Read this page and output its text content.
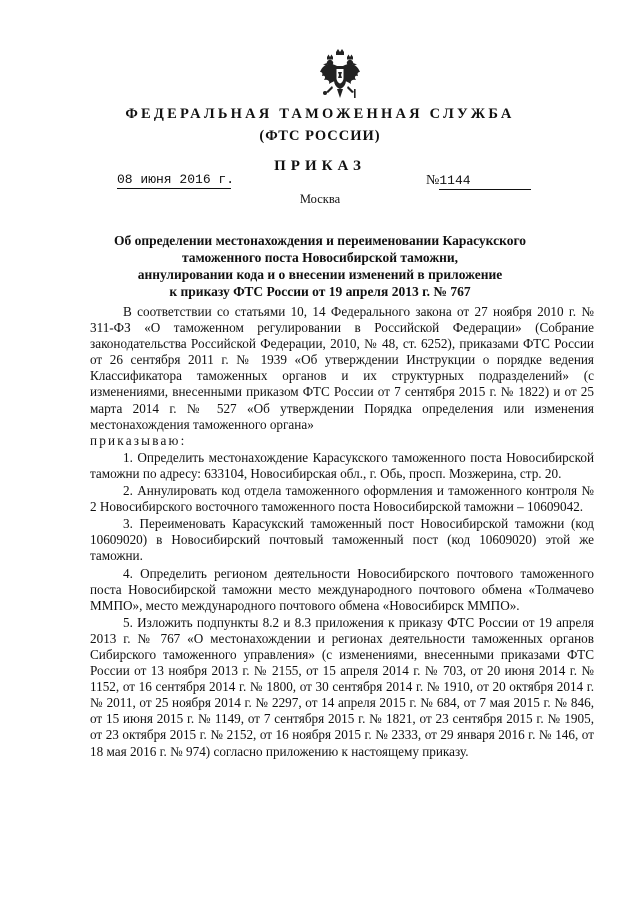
ФЕДЕРАЛЬНАЯ ТАМОЖЕННАЯ СЛУЖБА
(ФТС РОССИИ)
ПРИКАЗ
08 июня 2016 г.	№1144
Москва
Об определении местонахождения и переименовании Карасукского
таможенного поста Новосибирской таможни,
аннулировании кода и о внесении изменений в приложение
к приказу ФТС России от 19 апреля 2013 г. № 767

В соответствии со статьями 10, 14 Федерального закона от 27 ноября 2010 г. № 311-ФЗ «О таможенном регулировании в Российской Федерации» (Собрание законодательства Российской Федерации, 2010, № 48, ст. 6252), приказами ФТС России от 26 сентября 2011 г. № 1939 «Об утверждении Инструкции о порядке ведения Классификатора таможенных органов и их структурных подразделений» (с изменениями, внесенными приказом ФТС России от 7 сентября 2015 г. № 1822) и от 25 марта 2014 г. № 527 «Об утверждении Порядка определения или изменения местонахождения таможенного органа»
приказываю:

1. Определить местонахождение Карасукского таможенного поста Новосибирской таможни по адресу: 633104, Новосибирская обл., г. Обь, просп. Мозжерина, стр. 20.

2. Аннулировать код отдела таможенного оформления и таможенного контроля № 2 Новосибирского восточного таможенного поста Новосибирской таможни – 10609042.

3. Переименовать Карасукский таможенный пост Новосибирской таможни (код 10609020) в Новосибирский почтовый таможенный пост (код 10609020) этой же таможни.

4. Определить регионом деятельности Новосибирского почтового таможенного поста Новосибирской таможни место международного почтового обмена «Толмачево ММПО», место международного почтового обмена «Новосибирск ММПО».

5. Изложить подпункты 8.2 и 8.3 приложения к приказу ФТС России от 19 апреля 2013 г. № 767 «О местонахождении и регионах деятельности таможенных органов Сибирского таможенного управления» (с изменениями, внесенными приказами ФТС России от 13 ноября 2013 г. № 2155, от 15 апреля 2014 г. № 703, от 20 июня 2014 г. № 1152, от 16 сентября 2014 г. № 1800, от 30 сентября 2014 г. № 1910, от 20 октября 2014 г. № 2011, от 25 ноября 2014 г. № 2297, от 14 апреля 2015 г. № 684, от 7 мая 2015 г. № 846, от 15 июня 2015 г. № 1149, от 7 сентября 2015 г. № 1821, от 23 сентября 2015 г. № 1905, от 23 октября 2015 г. № 2152, от 16 ноября 2015 г. № 2333, от 29 января 2016 г. № 146, от 18 мая 2016 г. № 974) согласно приложению к настоящему приказу.
